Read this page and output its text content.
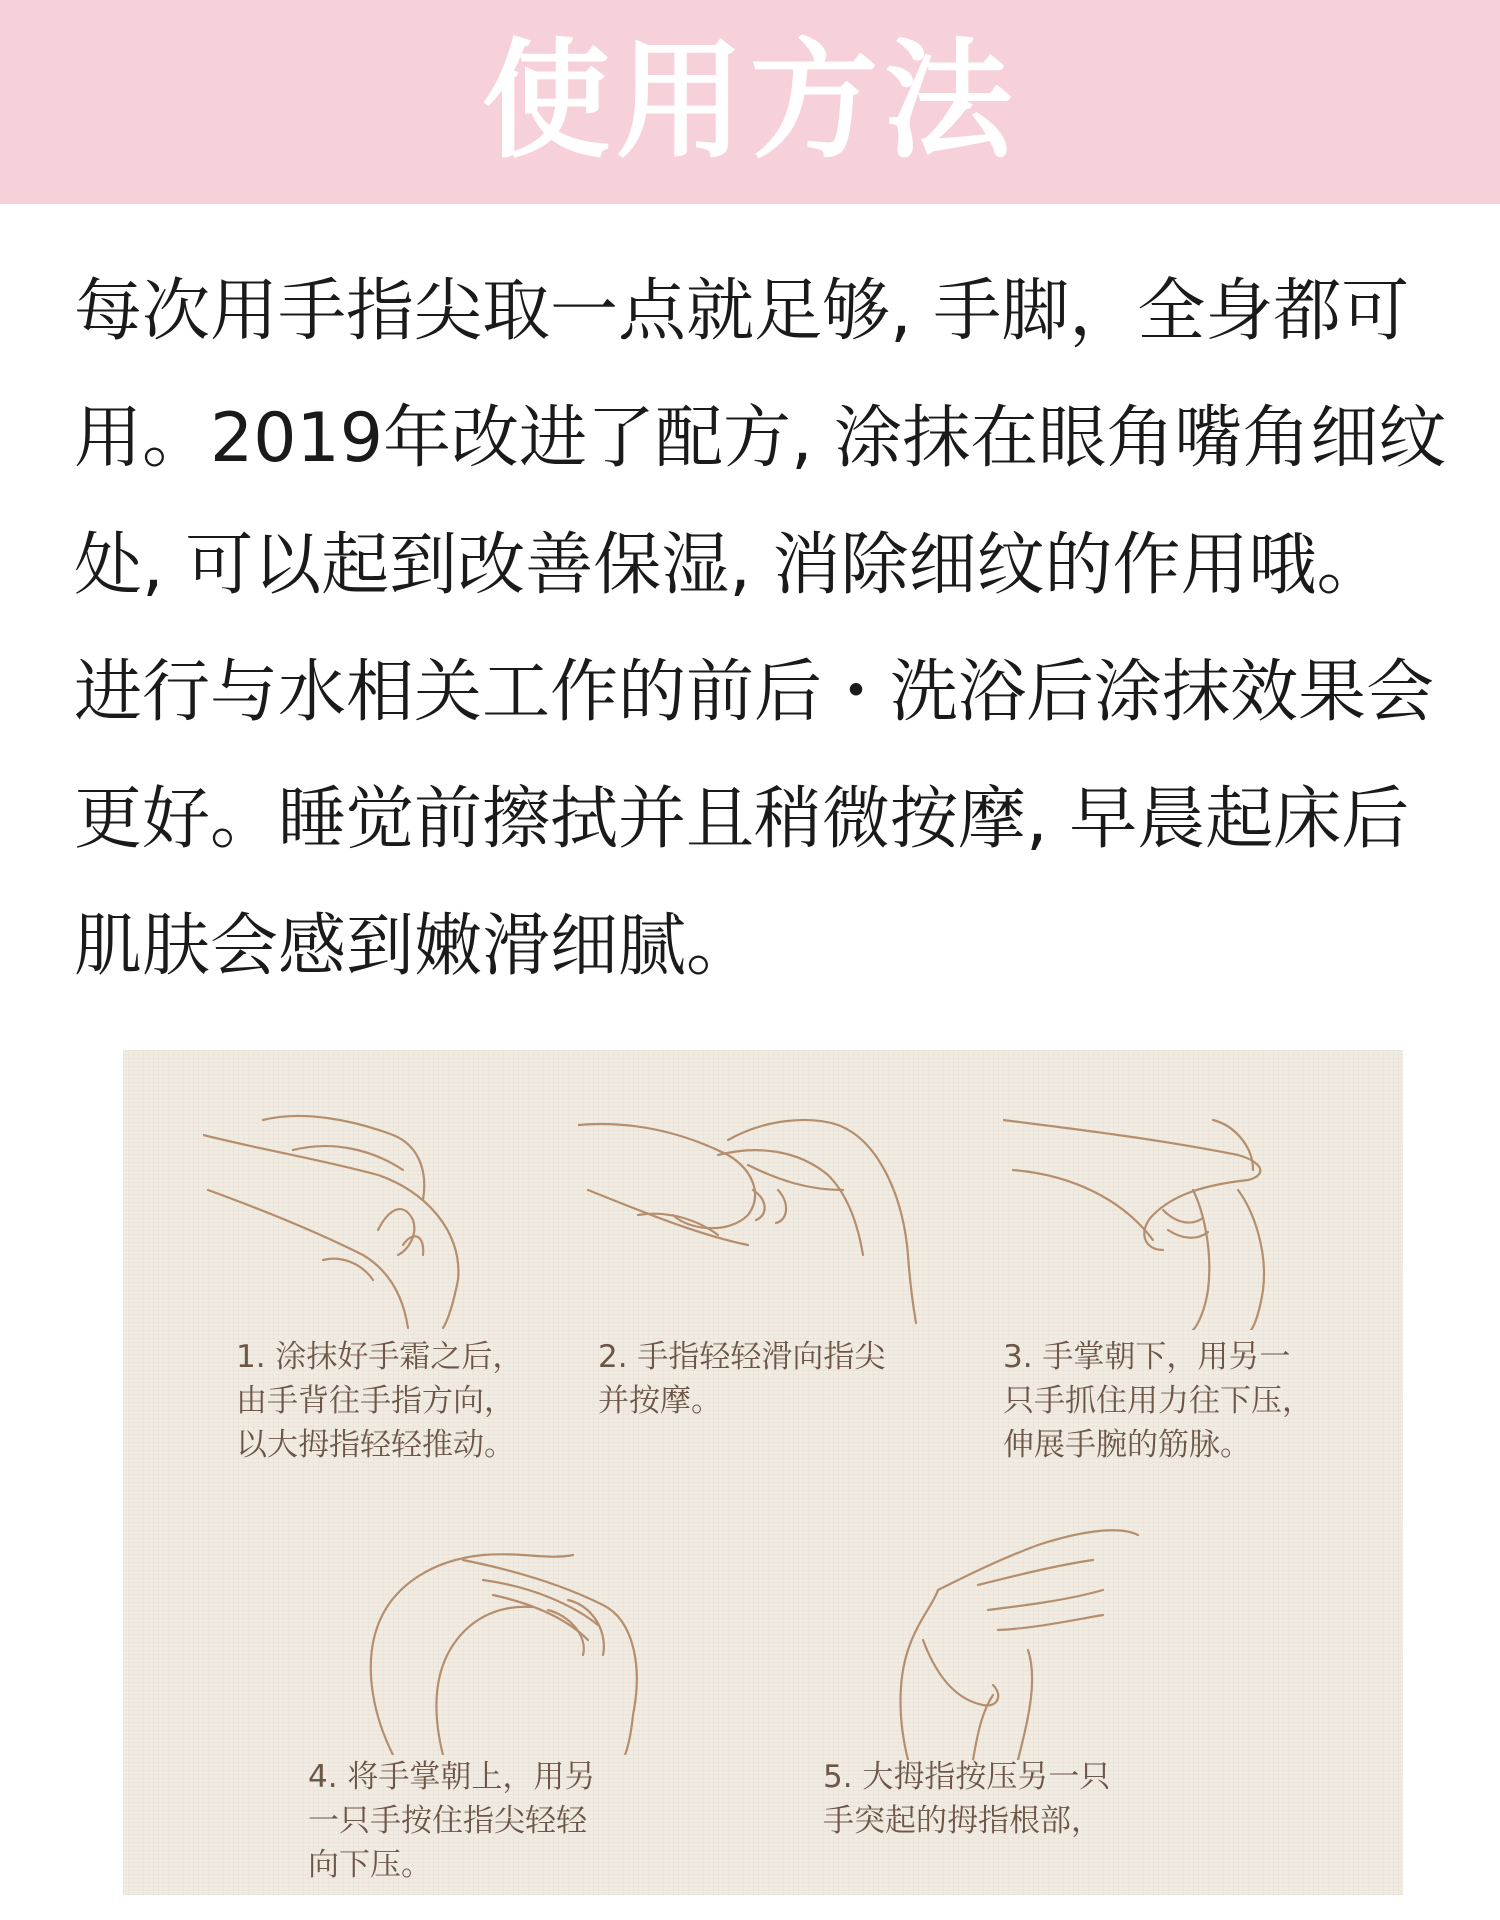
使用方法

每次用手指尖取一点就足够, 手脚，全身都可用。2019年改进了配方, 涂抹在眼角嘴角细纹处, 可以起到改善保湿, 消除细纹的作用哦。进行与水相关工作的前后・洗浴后涂抹效果会更好。睡觉前擦拭并且稍微按摩, 早晨起床后肌肤会感到嫩滑细腻。

1. 涂抹好手霜之后，
由手背往手指方向，
以大拇指轻轻推动。

2. 手指轻轻滑向指尖
并按摩。

3. 手掌朝下，用另一
只手抓住用力往下压，
伸展手腕的筋脉。

4. 将手掌朝上，用另
一只手按住指尖轻轻
向下压。

5. 大拇指按压另一只
手突起的拇指根部，
